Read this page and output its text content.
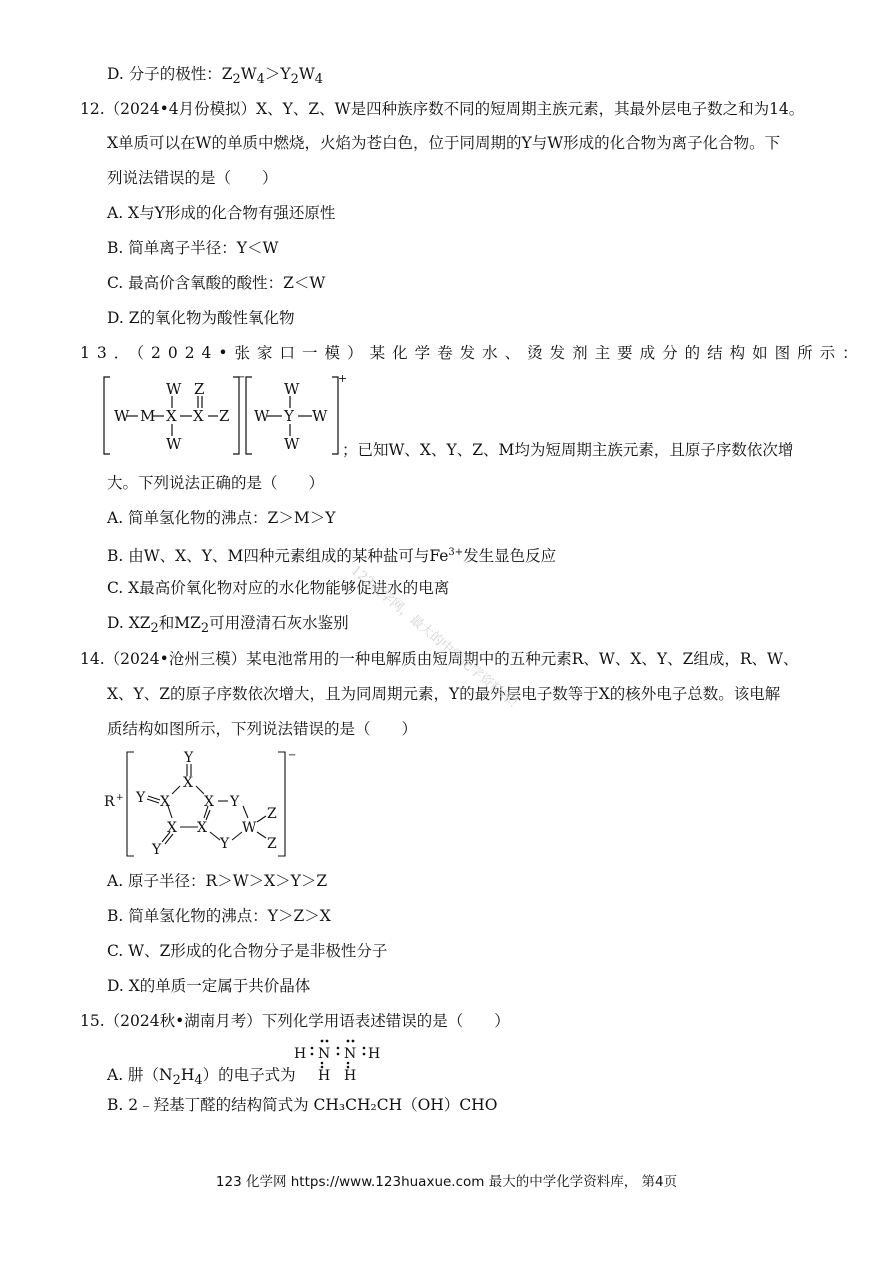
D. 分子的极性：$Z_2W_4>Y_2W_4$
12.（2024•4月份模拟）X、Y、Z、W是四种族序数不同的短周期主族元素，其最外层电子数之和为14。
X单质可以在W的单质中燃烧，火焰为苍白色，位于同周期的Y与W形成的化合物为离子化合物。下
列说法错误的是（　　）
A. X与Y形成的化合物有强还原性
B. 简单离子半径：Y＜W
C. 最高价含氧酸的酸性：Z＜W
D. Z的氧化物为酸性氧化物
13．（2024•张家口一模）某化学卷发水、烫发剂主要成分的结构如图所示：
W M X X Z
W Z
W
W Y W
W
W
−	+
；已知W、X、Y、Z、M均为短周期主族元素，且原子序数依次增
大。下列说法正确的是（　　）
A. 简单氢化物的沸点：Z＞M＞Y
B. 由W、X、Y、M四种元素组成的某种盐可与$Fe^{3+}$发生显色反应
C. X最高价氧化物对应的水化物能够促进水的电离
D. $XZ_2$和$MZ_2$可用澄清石灰水鉴别
14.（2024•沧州三模）某电池常用的一种电解质由短周期中的五种元素R、W、X、Y、Z组成，R、W、
X、Y、Z的原子序数依次增大，且为同周期元素，Y的最外层电子数等于X的核外电子总数。该电解
质结构如图所示，下列说法错误的是（　　）
Y
X
X X Y
X X
Y
Y	Y
W
Z
Z
R +
−
A. 原子半径：R＞W＞X＞Y＞Z
B. 简单氢化物的沸点：Y＞Z＞X
C. W、Z形成的化合物分子是非极性分子
D. X的单质一定属于共价晶体
15.（2024秋•湖南月考）下列化学用语表述错误的是（　　）
H N N H
H H
A. 肼$(N_2H_4)$的电子式为
B. 2﹣羟基丁醛的结构简式为 CH₃CH₂CH（OH）CHO
123化学网，最大的中学化学资料库！
123 化学网 https://www.123huaxue.com 最大的中学化学资料库， 第4页
